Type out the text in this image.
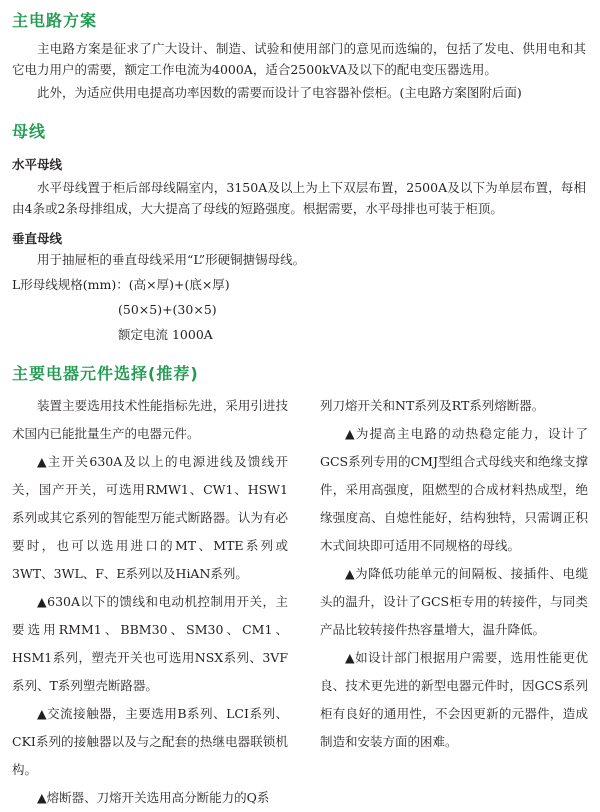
主电路方案

主电路方案是征求了广大设计、制造、试验和使用部门的意见而选编的，包括了发电、供用电和其它电力用户的需要，额定工作电流为4000A，适合2500kVA及以下的配电变压器选用。

此外，为适应供用电提高功率因数的需要而设计了电容器补偿柜。(主电路方案图附后面)

母线
水平母线

水平母线置于柜后部母线隔室内，3150A及以上为上下双层布置，2500A及以下为单层布置，每相由4条或2条母排组成，大大提高了母线的短路强度。根据需要，水平母排也可装于柜顶。

垂直母线

用于抽屉柜的垂直母线采用“L”形硬铜搪锡母线。

L形母线规格(mm)：(高×厚)+(底×厚)

(50×5)+(30×5)

额定电流 1000A

主要电器元件选择(推荐)

装置主要选用技术性能指标先进，采用引进技术国内已能批量生产的电器元件。

▲主开关630A及以上的电源进线及馈线开关，国产开关，可选用RMW1、CW1、HSW1系列或其它系列的智能型万能式断路器。认为有必要时，也可以选用进口的MT、MTE系列或3WT、3WL、F、E系列以及HiAN系列。

▲630A以下的馈线和电动机控制用开关，主要选用RMM1、BBM30、SM30、CM1、HSM1系列，塑壳开关也可选用NSX系列、3VF系列、T系列塑壳断路器。

▲交流接触器，主要选用B系列、LCI系列、CKI系列的接触器以及与之配套的热继电器联锁机构。

▲熔断器、刀熔开关选用高分断能力的Q系

列刀熔开关和NT系列及RT系列熔断器。

▲为提高主电路的动热稳定能力，设计了GCS系列专用的CMJ型组合式母线夹和绝缘支撑件，采用高强度，阻燃型的合成材料热成型，绝缘强度高、自熄性能好，结构独特，只需调正积木式间块即可适用不同规格的母线。

▲为降低功能单元的间隔板、接插件、电缆头的温升，设计了GCS柜专用的转接件，与同类产品比较转接件热容量增大，温升降低。

▲如设计部门根据用户需要，选用性能更优良、技术更先进的新型电器元件时，因GCS系列柜有良好的通用性，不会因更新的元器件，造成制造和安装方面的困难。
